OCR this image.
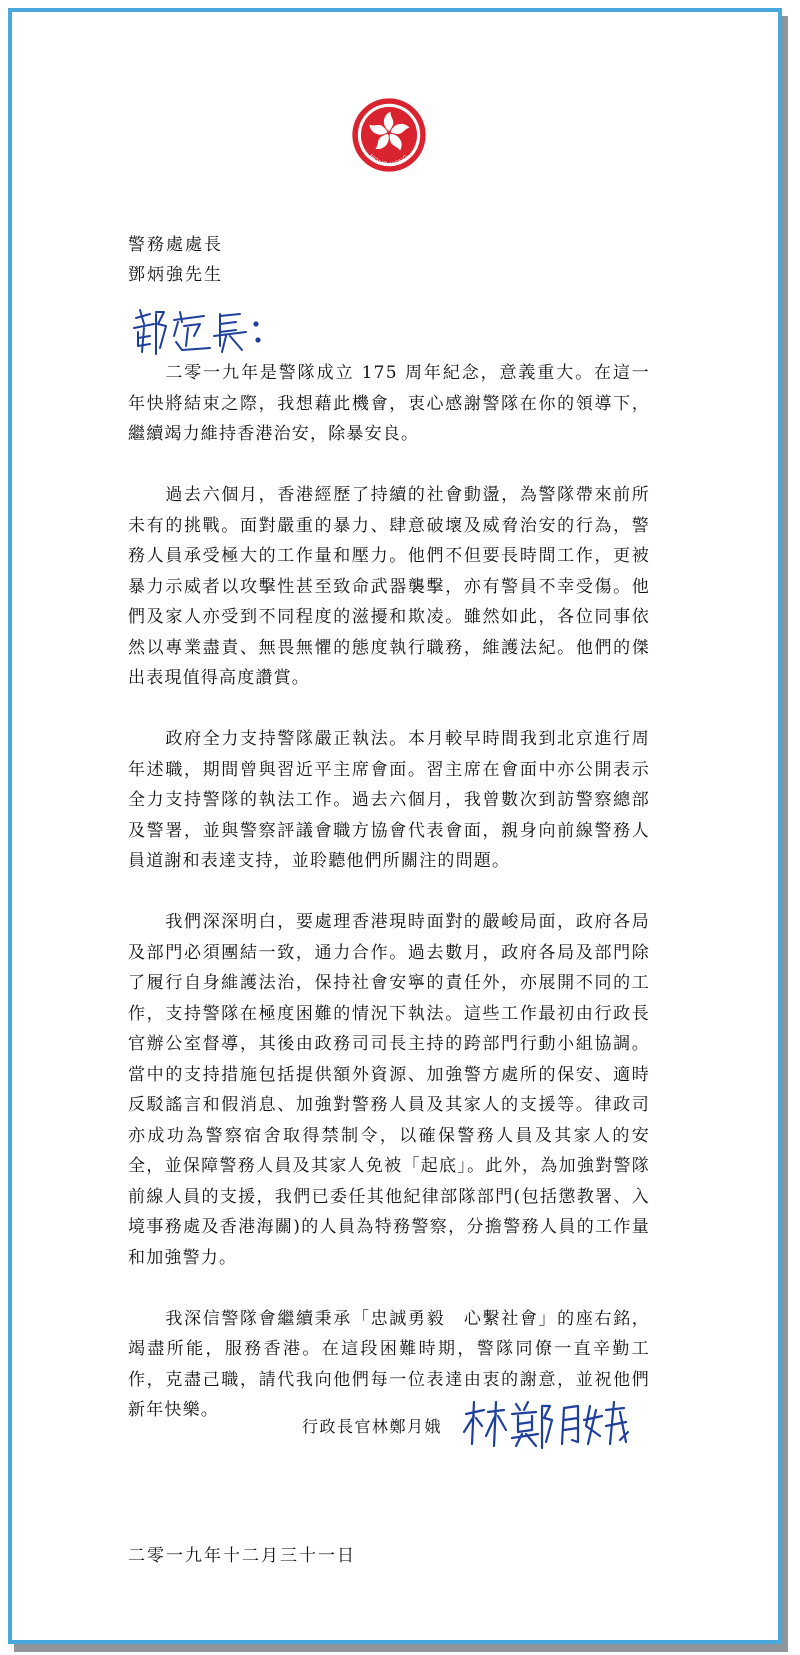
HONG KONG
警務處處長
鄧炳強先生

二零一九年是警隊成立 175 周年紀念，意義重大。在這一年快將結束之際，我想藉此機會，衷心感謝警隊在你的領導下，繼續竭力維持香港治安，除暴安良。

過去六個月，香港經歷了持續的社會動盪，為警隊帶來前所未有的挑戰。面對嚴重的暴力、肆意破壞及威脅治安的行為，警務人員承受極大的工作量和壓力。他們不但要長時間工作，更被暴力示威者以攻擊性甚至致命武器襲擊，亦有警員不幸受傷。他們及家人亦受到不同程度的滋擾和欺凌。雖然如此，各位同事依然以專業盡責、無畏無懼的態度執行職務，維護法紀。他們的傑出表現值得高度讚賞。

政府全力支持警隊嚴正執法。本月較早時間我到北京進行周年述職，期間曾與習近平主席會面。習主席在會面中亦公開表示全力支持警隊的執法工作。過去六個月，我曾數次到訪警察總部及警署，並與警察評議會職方協會代表會面，親身向前線警務人員道謝和表達支持，並聆聽他們所關注的問題。

我們深深明白，要處理香港現時面對的嚴峻局面，政府各局及部門必須團結一致，通力合作。過去數月，政府各局及部門除了履行自身維護法治，保持社會安寧的責任外，亦展開不同的工作，支持警隊在極度困難的情況下執法。這些工作最初由行政長官辦公室督導，其後由政務司司長主持的跨部門行動小組協調。當中的支持措施包括提供額外資源、加強警方處所的保安、適時反駁謠言和假消息、加強對警務人員及其家人的支援等。律政司亦成功為警察宿舍取得禁制令，以確保警務人員及其家人的安全，並保障警務人員及其家人免被「起底」。此外，為加強對警隊前線人員的支援，我們已委任其他紀律部隊部門(包括懲教署、入境事務處及香港海關)的人員為特務警察，分擔警務人員的工作量和加強警力。

我深信警隊會繼續秉承「忠誠勇毅　心繫社會」的座右銘，竭盡所能，服務香港。在這段困難時期，警隊同僚一直辛勤工作，克盡己職，請代我向他們每一位表達由衷的謝意，並祝他們新年快樂。

行政長官林鄭月娥
二零一九年十二月三十一日
